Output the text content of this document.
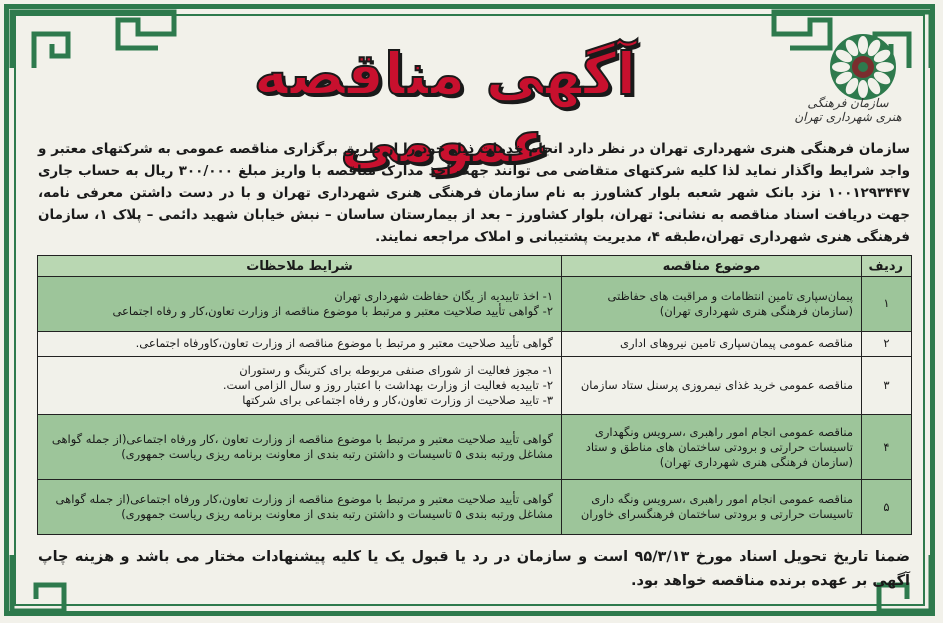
سازمان فرهنگی هنری شهرداری تهران
آگهی مناقصه عمومی
سازمان فرهنگی هنری شهرداری تهران در نظر دارد انجام خدمات ذیل خود را از طریق برگزاری مناقصه عمومی به شرکتهای معتبر و واجد شرایط واگذار نماید لذا کلیه شرکتهای متقاضی می توانند جهت اخذ مدارک مناقصه با واریز مبلغ ۳۰۰/۰۰۰ ریال به حساب جاری ۱۰۰۱۲۹۳۴۴۷ نزد بانک شهر شعبه بلوار کشاورز به نام سازمان فرهنگی هنری شهرداری تهران و با در دست داشتن معرفی نامه، جهت دریافت اسناد مناقصه به نشانی: تهران، بلوار کشاورز – بعد از بیمارستان ساسان – نبش خیابان شهید دائمی – پلاک ۱، سازمان فرهنگی هنری شهرداری تهران،طبقه ۴، مدیریت پشتیبانی و املاک مراجعه نمایند.
ردیف	موضوع مناقصه	شرایط ملاحظات
۱	پیمان‌سپاری تامین انتظامات و مراقبت های حفاظتی (سازمان فرهنگی هنری شهرداری تهران)	۱- اخذ تاییدیه از یگان حفاظت شهرداری تهران
۲- گواهی تأیید صلاحیت معتبر و مرتبط با موضوع مناقصه از وزارت تعاون،کار و رفاه اجتماعی

۲	مناقصه عمومی پیمان‌سپاری تامین نیروهای اداری	گواهی تأیید صلاحیت معتبر و مرتبط با موضوع مناقصه از وزارت تعاون،کاورفاه اجتماعی.

۳	مناقصه عمومی خرید غذای نیمروزی پرسنل ستاد سازمان	۱- مجوز فعالیت از شورای صنفی مربوطه برای کترینگ و رستوران
۲- تاییدیه فعالیت از وزارت بهداشت با اعتبار روز و سال الزامی است.
۳- تایید صلاحیت از وزارت تعاون،کار و رفاه اجتماعی برای شرکتها

۴	مناقصه عمومی انجام امور راهبری ،سرویس ونگهداری تاسیسات حرارتی و برودتی ساختمان های مناطق و ستاد (سازمان فرهنگی هنری شهرداری تهران)	گواهی تأیید صلاحیت معتبر و مرتبط با موضوع مناقصه از وزارت تعاون ،کار ورفاه اجتماعی(از جمله گواهی مشاغل ورتبه بندی ۵ تاسیسات و داشتن رتبه بندی از معاونت برنامه ریزی ریاست جمهوری)

۵	مناقصه عمومی انجام امور راهبری ،سرویس ونگه داری تاسیسات حرارتی و برودتی ساختمان فرهنگسرای خاوران	گواهی تأیید صلاحیت معتبر و مرتبط با موضوع مناقصه از وزارت تعاون،کار ورفاه اجتماعی(از جمله گواهی مشاغل ورتبه بندی ۵ تاسیسات و داشتن رتبه بندی از معاونت برنامه ریزی ریاست جمهوری)
ضمنا تاریخ تحویل اسناد مورخ ۹۵/۳/۱۳ است و سازمان در رد یا قبول یک یا کلیه پیشنهادات مختار می باشد و هزینه چاپ آگهی بر عهده برنده مناقصه خواهد بود.
